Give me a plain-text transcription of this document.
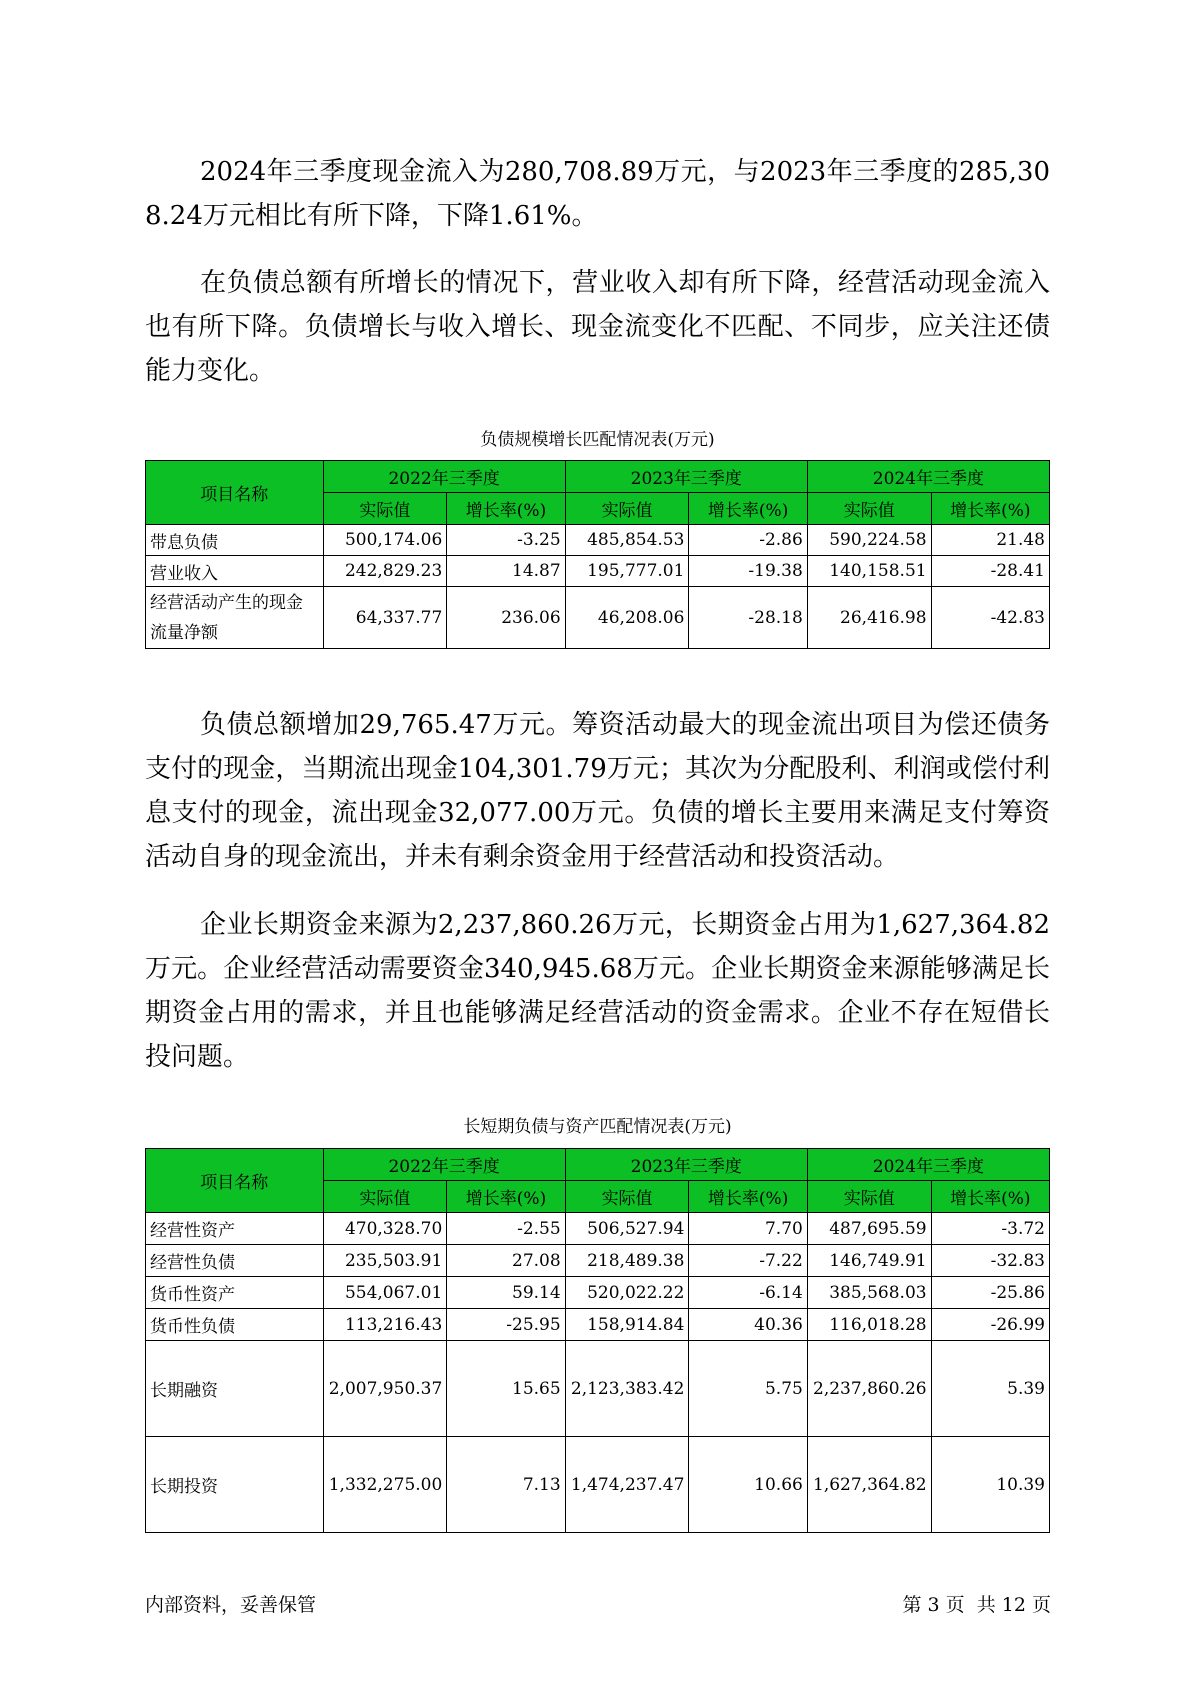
2024年三季度现金流入为280,708.89万元，与2023年三季度的285,308.24万元相比有所下降，下降1.61%。

在负债总额有所增长的情况下，营业收入却有所下降，经营活动现金流入也有所下降。负债增长与收入增长、现金流变化不匹配、不同步，应关注还债能力变化。

负债规模增长匹配情况表(万元)
项目名称	2022年三季度		2023年三季度		2024年三季度	
	实际值	增长率(%)	实际值	增长率(%)	实际值	增长率(%)
带息负债	500,174.06	-3.25	485,854.53	-2.86	590,224.58	21.48
营业收入	242,829.23	14.87	195,777.01	-19.38	140,158.51	-28.41
经营活动产生的现金流量净额	64,337.77	236.06	46,208.06	-28.18	26,416.98	-42.83

负债总额增加29,765.47万元。筹资活动最大的现金流出项目为偿还债务支付的现金，当期流出现金104,301.79万元；其次为分配股利、利润或偿付利息支付的现金，流出现金32,077.00万元。负债的增长主要用来满足支付筹资活动自身的现金流出，并未有剩余资金用于经营活动和投资活动。

企业长期资金来源为2,237,860.26万元，长期资金占用为1,627,364.82万元。企业经营活动需要资金340,945.68万元。企业长期资金来源能够满足长期资金占用的需求，并且也能够满足经营活动的资金需求。企业不存在短借长投问题。

长短期负债与资产匹配情况表(万元)
项目名称	2022年三季度		2023年三季度		2024年三季度	
	实际值	增长率(%)	实际值	增长率(%)	实际值	增长率(%)
经营性资产	470,328.70	-2.55	506,527.94	7.70	487,695.59	-3.72
经营性负债	235,503.91	27.08	218,489.38	-7.22	146,749.91	-32.83
货币性资产	554,067.01	59.14	520,022.22	-6.14	385,568.03	-25.86
货币性负债	113,216.43	-25.95	158,914.84	40.36	116,018.28	-26.99
长期融资	2,007,950.37	15.65	2,123,383.42	5.75	2,237,860.26	5.39
长期投资	1,332,275.00	7.13	1,474,237.47	10.66	1,627,364.82	10.39
内部资料，妥善保管	第 3 页  共 12 页
